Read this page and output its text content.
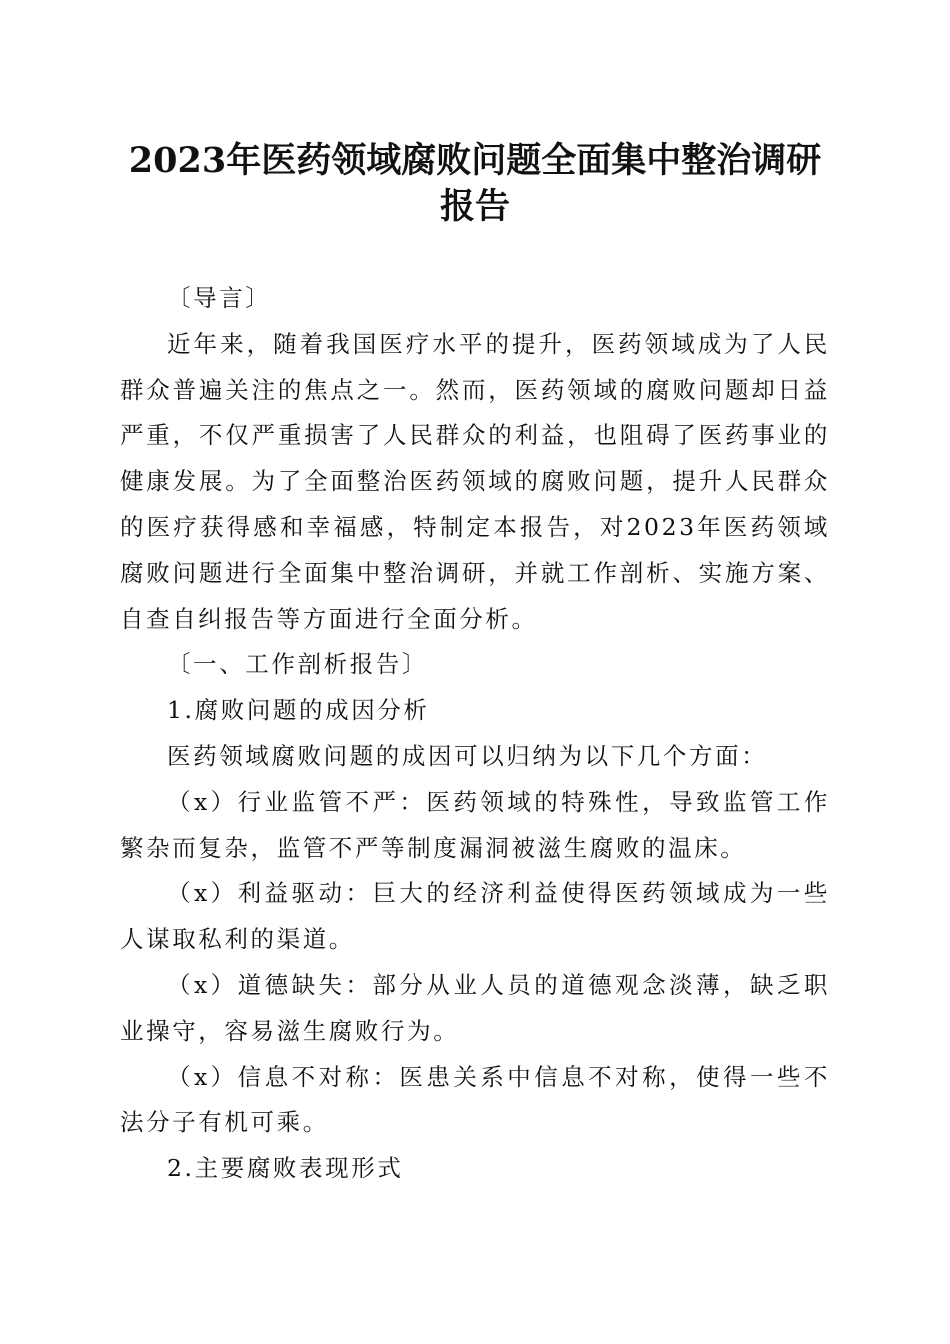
2023年医药领域腐败问题全面集中整治调研
报告

〔导言〕

近年来，随着我国医疗水平的提升，医药领域成为了人民群众普遍关注的焦点之一。然而，医药领域的腐败问题却日益严重，不仅严重损害了人民群众的利益，也阻碍了医药事业的健康发展。为了全面整治医药领域的腐败问题，提升人民群众的医疗获得感和幸福感，特制定本报告，对2023年医药领域腐败问题进行全面集中整治调研，并就工作剖析、实施方案、自查自纠报告等方面进行全面分析。

〔一、工作剖析报告〕

1.腐败问题的成因分析

医药领域腐败问题的成因可以归纳为以下几个方面：

（x）行业监管不严：医药领域的特殊性，导致监管工作繁杂而复杂，监管不严等制度漏洞被滋生腐败的温床。

（x）利益驱动：巨大的经济利益使得医药领域成为一些人谋取私利的渠道。

（x）道德缺失：部分从业人员的道德观念淡薄，缺乏职业操守，容易滋生腐败行为。

（x）信息不对称：医患关系中信息不对称，使得一些不法分子有机可乘。

2.主要腐败表现形式
